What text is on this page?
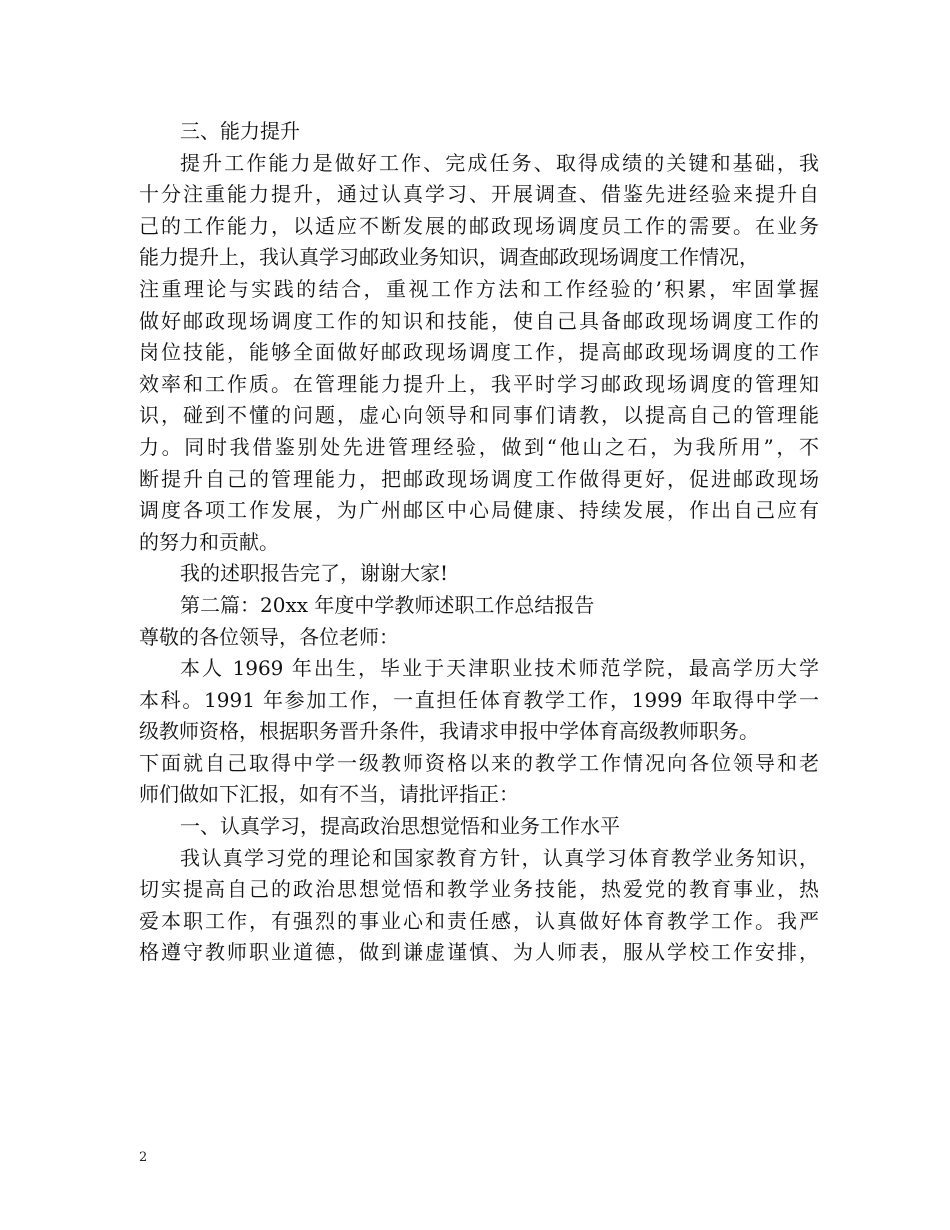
三、能力提升
提升工作能力是做好工作、完成任务、取得成绩的关键和基础，我
十分注重能力提升，通过认真学习、开展调查、借鉴先进经验来提升自
己的工作能力，以适应不断发展的邮政现场调度员工作的需要。在业务
能力提升上，我认真学习邮政业务知识，调查邮政现场调度工作情况，
注重理论与实践的结合，重视工作方法和工作经验的’积累，牢固掌握
做好邮政现场调度工作的知识和技能，使自己具备邮政现场调度工作的
岗位技能，能够全面做好邮政现场调度工作，提高邮政现场调度的工作
效率和工作质。在管理能力提升上，我平时学习邮政现场调度的管理知
识，碰到不懂的问题，虚心向领导和同事们请教，以提高自己的管理能
力。同时我借鉴别处先进管理经验，做到“他山之石，为我所用”，不
断提升自己的管理能力，把邮政现场调度工作做得更好，促进邮政现场
调度各项工作发展，为广州邮区中心局健康、持续发展，作出自己应有
的努力和贡献。
我的述职报告完了，谢谢大家!
第二篇：20xx 年度中学教师述职工作总结报告
尊敬的各位领导，各位老师：
本人 1969 年出生，毕业于天津职业技术师范学院，最高学历大学
本科。1991 年参加工作，一直担任体育教学工作，1999 年取得中学一
级教师资格，根据职务晋升条件，我请求申报中学体育高级教师职务。
下面就自己取得中学一级教师资格以来的教学工作情况向各位领导和老
师们做如下汇报，如有不当，请批评指正：
一、认真学习，提高政治思想觉悟和业务工作水平
我认真学习党的理论和国家教育方针，认真学习体育教学业务知识，
切实提高自己的政治思想觉悟和教学业务技能，热爱党的教育事业，热
爱本职工作，有强烈的事业心和责任感，认真做好体育教学工作。我严
格遵守教师职业道德，做到谦虚谨慎、为人师表，服从学校工作安排，
2
